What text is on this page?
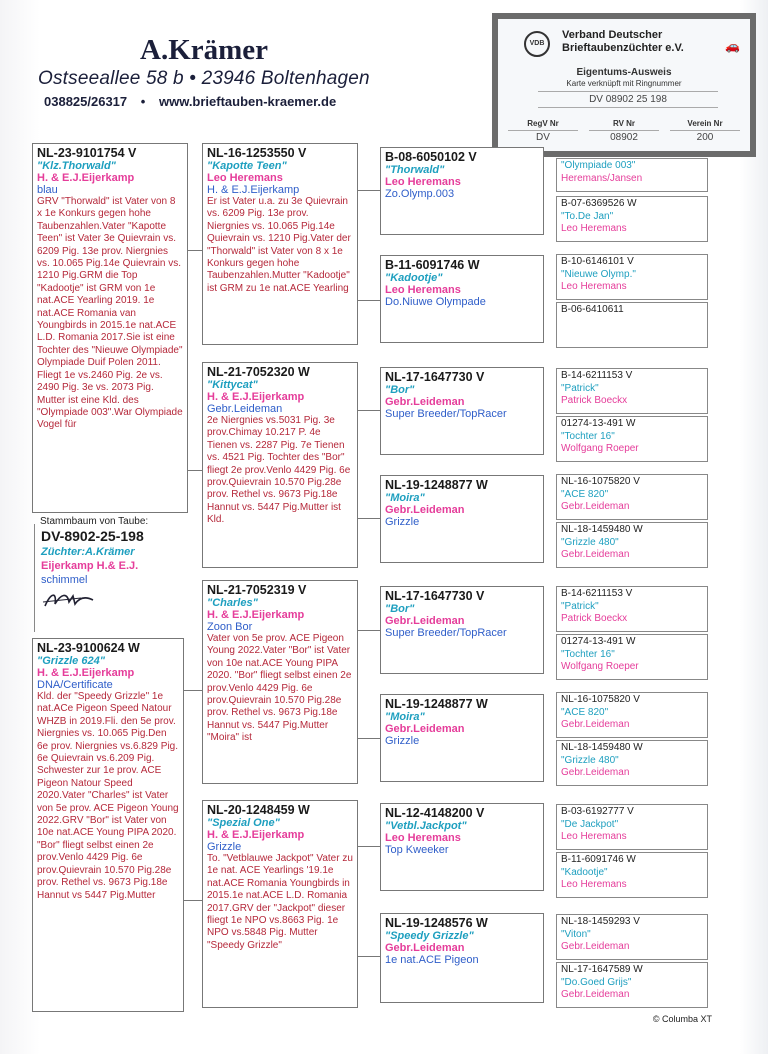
A.Krämer
Ostseeallee 58 b • 23946 Boltenhagen
038825/26317 • www.brieftauben-kraemer.de
VDB
Verband Deutscher
Brieftaubenzüchter e.V.	🚗
Eigentums-Ausweis
Karte verknüpft mit Ringnummer
DV 08902 25 198
RegV Nr
DV
RV Nr
08902
Verein Nr
200
NL-23-9101754 V
"Klz.Thorwald"
H. & E.J.Eijerkamp
blau
GRV "Thorwald" ist Vater von 8 x 1e Konkurs gegen hohe Taubenzahlen.Vater "Kapotte Teen" ist Vater 3e Quievrain vs. 6209 Pig. 13e prov. Niergnies vs. 10.065 Pig.14e Quievrain vs. 1210 Pig.GRM die Top "Kadootje" ist GRM von 1e nat.ACE Yearling 2019. 1e nat.ACE Romania van Youngbirds in 2015.1e nat.ACE L.D. Romania 2017.Sie ist eine Tochter des "Nieuwe Olympiade" Olympiade Duif Polen 2011. Fliegt 1e vs.2460 Pig. 2e vs. 2490 Pig. 3e vs. 2073 Pig. Mutter ist eine Kld. des "Olympiade 003".War Olympiade Vogel für
Stammbaum von Taube:
DV-8902-25-198
Züchter:A.Krämer
Eijerkamp H.& E.J.
schimmel
NL-23-9100624 W
"Grizzle 624"
H. & E.J.Eijerkamp
DNA/Certificate
Kld. der "Speedy Grizzle" 1e nat.ACe Pigeon Speed Natour WHZB in 2019.Fli. den 5e prov. Niergnies vs. 10.065 Pig.Den 6e prov. Niergnies vs.6.829 Pig. 6e Quievrain vs.6.209 Pig. Schwester zur 1e prov. ACE Pigeon Natour Speed 2020.Vater "Charles" ist Vater von 5e prov. ACE Pigeon Young 2022.GRV "Bor" ist Vater von 10e nat.ACE Young PIPA 2020. "Bor" fliegt selbst einen 2e prov.Venlo 4429 Pig. 6e prov.Quievrain 10.570 Pig.28e prov. Rethel vs. 9673 Pig.18e Hannut vs 5447 Pig.Mutter
NL-16-1253550 V
"Kapotte Teen"
Leo Heremans
H. & E.J.Eijerkamp
Er ist Vater u.a. zu 3e Quievrain vs. 6209 Pig. 13e prov. Niergnies vs. 10.065 Pig.14e Quievrain vs. 1210 Pig.Vater der "Thorwald" ist Vater von 8 x 1e Konkurs gegen hohe Taubenzahlen.Mutter "Kadootje" ist GRM zu 1e nat.ACE Yearling
NL-21-7052320 W
"Kittycat"
H. & E.J.Eijerkamp
Gebr.Leideman
2e Niergnies vs.5031 Pig. 3e prov.Chimay 10.217 P. 4e Tienen vs. 2287 Pig. 7e Tienen vs. 4521 Pig. Tochter des "Bor" fliegt 2e prov.Venlo 4429 Pig. 6e prov.Quievrain 10.570 Pig.28e prov. Rethel vs. 9673 Pig.18e Hannut vs. 5447 Pig.Mutter ist Kld.
NL-21-7052319 V
"Charles"
H. & E.J.Eijerkamp
Zoon Bor
Vater von 5e prov. ACE Pigeon Young 2022.Vater "Bor" ist Vater von 10e nat.ACE Young PIPA 2020. "Bor" fliegt selbst einen 2e prov.Venlo 4429 Pig. 6e prov.Quievrain 10.570 Pig.28e prov. Rethel vs. 9673 Pig.18e Hannut vs. 5447 Pig.Mutter "Moira" ist
NL-20-1248459 W
"Spezial One"
H. & E.J.Eijerkamp
Grizzle
To. "Vetblauwe Jackpot" Vater zu 1e nat. ACE Yearlings '19.1e nat.ACE Romania Youngbirds in 2015.1e nat.ACE L.D. Romania 2017.GRV der "Jackpot" dieser fliegt 1e NPO vs.8663 Pig. 1e NPO vs.5848 Pig. Mutter "Speedy Grizzle"
B-08-6050102 V
"Thorwald"
Leo Heremans
Zo.Olymp.003
B-11-6091746 W
"Kadootje"
Leo Heremans
Do.Niuwe Olympade
NL-17-1647730 V
"Bor"
Gebr.Leideman
Super Breeder/TopRacer
NL-19-1248877 W
"Moira"
Gebr.Leideman
Grizzle
NL-17-1647730 V
"Bor"
Gebr.Leideman
Super Breeder/TopRacer
NL-19-1248877 W
"Moira"
Gebr.Leideman
Grizzle
NL-12-4148200 V
"Vetbl.Jackpot"
Leo Heremans
Top Kweeker
NL-19-1248576 W
"Speedy Grizzle"
Gebr.Leideman
1e nat.ACE Pigeon
"Olympiade 003"
Heremans/Jansen
B-07-6369526 W
"To.De Jan"
Leo Heremans
B-10-6146101 V
"Nieuwe Olymp."
Leo Heremans
B-06-6410611
B-14-6211153 V
"Patrick"
Patrick Boeckx
01274-13-491 W
"Tochter 16"
Wolfgang Roeper
NL-16-1075820 V
"ACE 820"
Gebr.Leideman
NL-18-1459480 W
"Grizzle 480"
Gebr.Leideman
B-14-6211153 V
"Patrick"
Patrick Boeckx
01274-13-491 W
"Tochter 16"
Wolfgang Roeper
NL-16-1075820 V
"ACE 820"
Gebr.Leideman
NL-18-1459480 W
"Grizzle 480"
Gebr.Leideman
B-03-6192777 V
"De Jackpot"
Leo Heremans
B-11-6091746 W
"Kadootje"
Leo Heremans
NL-18-1459293 V
"Viton"
Gebr.Leideman
NL-17-1647589 W
"Do.Goed Grijs"
Gebr.Leideman
© Columba XT
